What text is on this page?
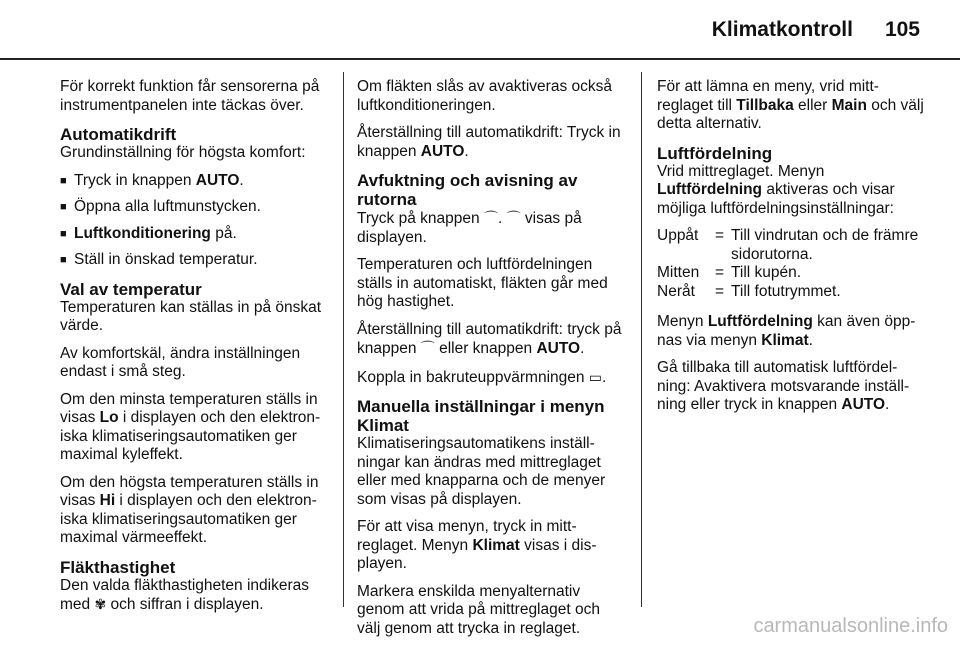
Klimatkontroll 105

För korrekt funktion får sensorerna på instrumentpanelen inte täckas över.

Automatikdrift

Grundinställning för högsta komfort:

■ Tryck in knappen AUTO.
■ Öppna alla luftmunstycken.
■ Luftkonditionering på.
■ Ställ in önskad temperatur.
Val av temperatur

Temperaturen kan ställas in på önskat värde.

Av komfortskäl, ändra inställningen endast i små steg.

Om den minsta temperaturen ställs in visas Lo i displayen och den elektron-iska klimatiseringsautomatiken ger maximal kyleffekt.

Om den högsta temperaturen ställs in visas Hi i displayen och den elektron-iska klimatiseringsautomatiken ger maximal värmeeffekt.

Fläkthastighet

Den valda fläkthastigheten indikeras med ✾ och siffran i displayen.

Om fläkten slås av avaktiveras också luftkonditioneringen.

Återställning till automatikdrift: Tryck in knappen AUTO.

Avfuktning och avisning av rutorna

Tryck på knappen ⌒. ⌒ visas på displayen.

Temperaturen och luftfördelningen ställs in automatiskt, fläkten går med hög hastighet.

Återställning till automatikdrift: tryck på knappen ⌒ eller knappen AUTO.

Koppla in bakruteuppvärmningen ▭.

Manuella inställningar i menyn Klimat

Klimatiseringsautomatikens inställ-ningar kan ändras med mittreglaget eller med knapparna och de menyer som visas på displayen.

För att visa menyn, tryck in mitt-reglaget. Menyn Klimat visas i dis-playen.

Markera enskilda menyalternativ genom att vrida på mittreglaget och välj genom att trycka in reglaget.

För att lämna en meny, vrid mitt-reglaget till Tillbaka eller Main och välj detta alternativ.

Luftfördelning

Vrid mittreglaget. Menyn Luftfördelning aktiveras och visar möjliga luftfördelningsinställningar:

Uppåt	= Till vindrutan och de främre sidorutorna.
Mitten	= Till kupén.
Neråt	= Till fotutrymmet.

Menyn Luftfördelning kan även öpp-nas via menyn Klimat.

Gå tillbaka till automatisk luftfördel-ning: Avaktivera motsvarande inställ-ning eller tryck in knappen AUTO.

carmanualsonline.info
